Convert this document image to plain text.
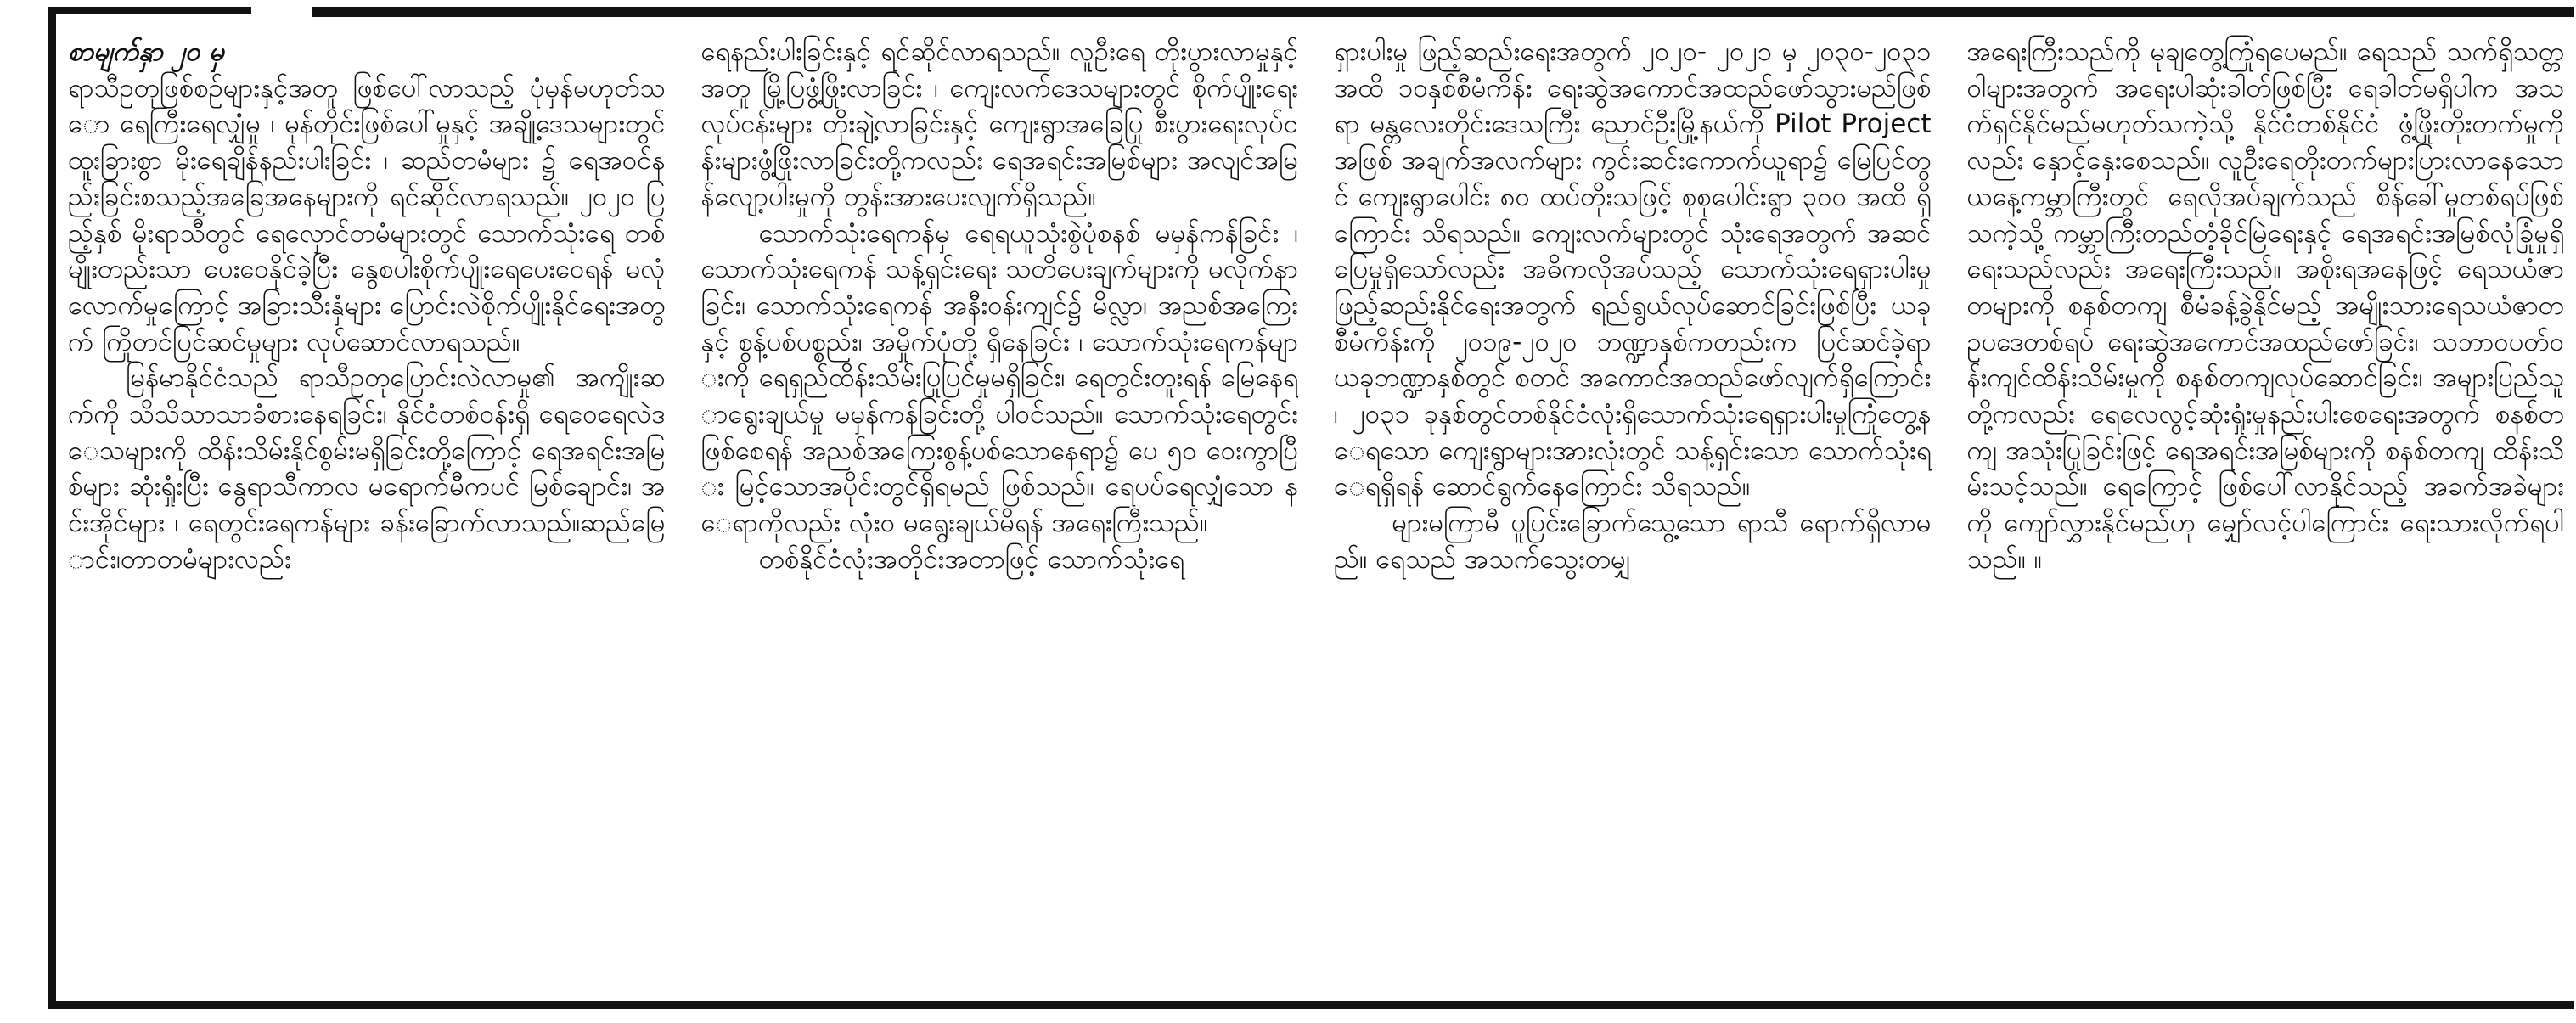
စာမျက်နှာ ၂၀ မှ

ရာသီဥတုဖြစ်စဉ်များနှင့်အတူ ဖြစ်ပေါ်လာသည့် ပုံမှန်မဟုတ်သော ရေကြီးရေလျှံမှု ၊ မုန်တိုင်းဖြစ်ပေါ်မှုနှင့် အချို့ဒေသများတွင် ထူးခြားစွာ မိုးရေချိန်နည်းပါးခြင်း ၊ ဆည်တမံများ ၌ ရေအဝင်နည်းခြင်းစသည့်အခြေအနေများကို ရင်ဆိုင်လာရသည်။ ၂၀၂၀ ပြည့်နှစ် မိုးရာသီတွင် ရေလှောင်တမံများတွင် သောက်သုံးရေ တစ်မျိုးတည်းသာ ပေးဝေနိုင်ခဲ့ပြီး နွေစပါးစိုက်ပျိုးရေပေးဝေရန် မလုံလောက်မှုကြောင့် အခြားသီးနှံများ ပြောင်းလဲစိုက်ပျိုးနိုင်ရေးအတွက် ကြိုတင်ပြင်ဆင်မှုများ လုပ်ဆောင်လာရသည်။

မြန်မာနိုင်ငံသည် ရာသီဥတုပြောင်းလဲလာမှု၏ အကျိုးဆက်ကို သိသိသာသာခံစားနေရခြင်း၊ နိုင်ငံတစ်ဝန်းရှိ ရေဝေရေလဲဒေသများကို ထိန်းသိမ်းနိုင်စွမ်းမရှိခြင်းတို့ကြောင့် ရေအရင်းအမြစ်များ ဆုံးရှုံးပြီး နွေရာသီကာလ မရောက်မီကပင် မြစ်ချောင်း၊ အင်းအိုင်များ ၊ ရေတွင်းရေကန်များ ခန်းခြောက်လာသည်။ဆည်မြောင်း၊တာတမံများလည်း

ရေနည်းပါးခြင်းနှင့် ရင်ဆိုင်လာရသည်။ လူဦးရေ တိုးပွားလာမှုနှင့်အတူ မြို့ပြဖွံ့ဖြိုးလာခြင်း ၊ ကျေးလက်ဒေသများတွင် စိုက်ပျိုးရေးလုပ်ငန်းများ တိုးချဲ့လာခြင်းနှင့် ကျေးရွာအခြေပြု စီးပွားရေးလုပ်ငန်းများဖွံ့ဖြိုးလာခြင်းတို့ကလည်း ရေအရင်းအမြစ်များ အလျင်အမြန်လျော့ပါးမှုကို တွန်းအားပေးလျက်ရှိသည်။

သောက်သုံးရေကန်မှ ရေရယူသုံးစွဲပုံစနစ် မမှန်ကန်ခြင်း ၊ သောက်သုံးရေကန် သန့်ရှင်းရေး သတိပေးချက်များကို မလိုက်နာခြင်း၊ သောက်သုံးရေကန် အနီးဝန်းကျင်၌ မိလ္လာ၊ အညစ်အကြေး နှင့် စွန့်ပစ်ပစ္စည်း၊ အမှိုက်ပုံတို့ ရှိနေခြင်း ၊ သောက်သုံးရေကန်များကို ရေရှည်ထိန်းသိမ်းပြုပြင်မှုမရှိခြင်း၊ ရေတွင်းတူးရန် မြေနေရာရွေးချယ်မှု မမှန်ကန်ခြင်းတို့ ပါဝင်သည်။ သောက်သုံးရေတွင်းဖြစ်စေရန် အညစ်အကြေးစွန့်ပစ်သောနေရာ၌ ပေ ၅၀ ဝေးကွာပြီး မြင့်သောအပိုင်းတွင်ရှိရမည် ဖြစ်သည်။ ရေပပ်ရေလျှံသော နေရာကိုလည်း လုံးဝ မရွေးချယ်မိရန် အရေးကြီးသည်။

တစ်နိုင်ငံလုံးအတိုင်းအတာဖြင့် သောက်သုံးရေ

ရှားပါးမှု ဖြည့်ဆည်းရေးအတွက် ၂၀၂၀- ၂၀၂၁ မှ ၂၀၃၀-၂၀၃၁ အထိ ၁၀နှစ်စီမံကိန်း ရေးဆွဲအကောင်အထည်ဖော်သွားမည်ဖြစ်ရာ မန္တလေးတိုင်းဒေသကြီး ညောင်ဦးမြို့နယ်ကို Pilot Project အဖြစ် အချက်အလက်များ ကွင်းဆင်းကောက်ယူရာ၌ မြေပြင်တွင် ကျေးရွာပေါင်း ၈၀ ထပ်တိုးသဖြင့် စုစုပေါင်းရွာ ၃၀၀ အထိ ရှိကြောင်း သိရသည်။ ကျေးလက်များတွင် သုံးရေအတွက် အဆင်ပြေမှုရှိသော်လည်း အဓိကလိုအပ်သည့် သောက်သုံးရေရှားပါးမှု ဖြည့်ဆည်းနိုင်ရေးအတွက် ရည်ရွယ်လုပ်ဆောင်ခြင်းဖြစ်ပြီး ယခု စီမံကိန်းကို ၂၀၁၉-၂၀၂၀ ဘဏ္ဍာနှစ်ကတည်းက ပြင်ဆင်ခဲ့ရာ ယခုဘဏ္ဍာနှစ်တွင် စတင် အကောင်အထည်ဖော်လျက်ရှိကြောင်း၊ ၂၀၃၁ ခုနှစ်တွင်တစ်နိုင်ငံလုံးရှိသောက်သုံးရေရှားပါးမှုကြုံတွေ့နေရသော ကျေးရွာများအားလုံးတွင် သန့်ရှင်းသော သောက်သုံးရေရရှိရန် ဆောင်ရွက်နေကြောင်း သိရသည်။

များမကြာမီ ပူပြင်းခြောက်သွေ့သော ရာသီ ရောက်ရှိလာမည်။ ရေသည် အသက်သွေးတမျှ

အရေးကြီးသည်ကို မုချတွေ့ကြုံရပေမည်။ ရေသည် သက်ရှိသတ္တဝါများအတွက် အရေးပါဆုံးခါတ်ဖြစ်ပြီး ရေခါတ်မရှိပါက အသက်ရှင်နိုင်မည်မဟုတ်သကဲ့သို့ နိုင်ငံတစ်နိုင်ငံ ဖွံ့ဖြိုးတိုးတက်မှုကိုလည်း နှောင့်နှေးစေသည်။ လူဦးရေတိုးတက်များပြားလာနေသော ယနေ့ကမ္ဘာကြီးတွင် ရေလိုအပ်ချက်သည် စိန်ခေါ်မှုတစ်ရပ်ဖြစ်သကဲ့သို့ ကမ္ဘာကြီးတည်တံ့ခိုင်မြဲရေးနှင့် ရေအရင်းအမြစ်လုံခြုံမှုရှိရေးသည်လည်း အရေးကြီးသည်။ အစိုးရအနေဖြင့် ရေသယံဇာတများကို စနစ်တကျ စီမံခန့်ခွဲနိုင်မည့် အမျိုးသားရေသယံဇာတ ဥပဒေတစ်ရပ် ရေးဆွဲအကောင်အထည်ဖော်ခြင်း၊ သဘာဝပတ်ဝန်းကျင်ထိန်းသိမ်းမှုကို စနစ်တကျလုပ်ဆောင်ခြင်း၊ အများပြည်သူတို့ကလည်း ရေလေလွင့်ဆုံးရှုံးမှုနည်းပါးစေရေးအတွက် စနစ်တကျ အသုံးပြုခြင်းဖြင့် ရေအရင်းအမြစ်များကို စနစ်တကျ ထိန်းသိမ်းသင့်သည်။ ရေကြောင့် ဖြစ်ပေါ်လာနိုင်သည့် အခက်အခဲများကို ကျော်လွှားနိုင်မည်ဟု မျှော်လင့်ပါကြောင်း ရေးသားလိုက်ရပါသည်။ ။
